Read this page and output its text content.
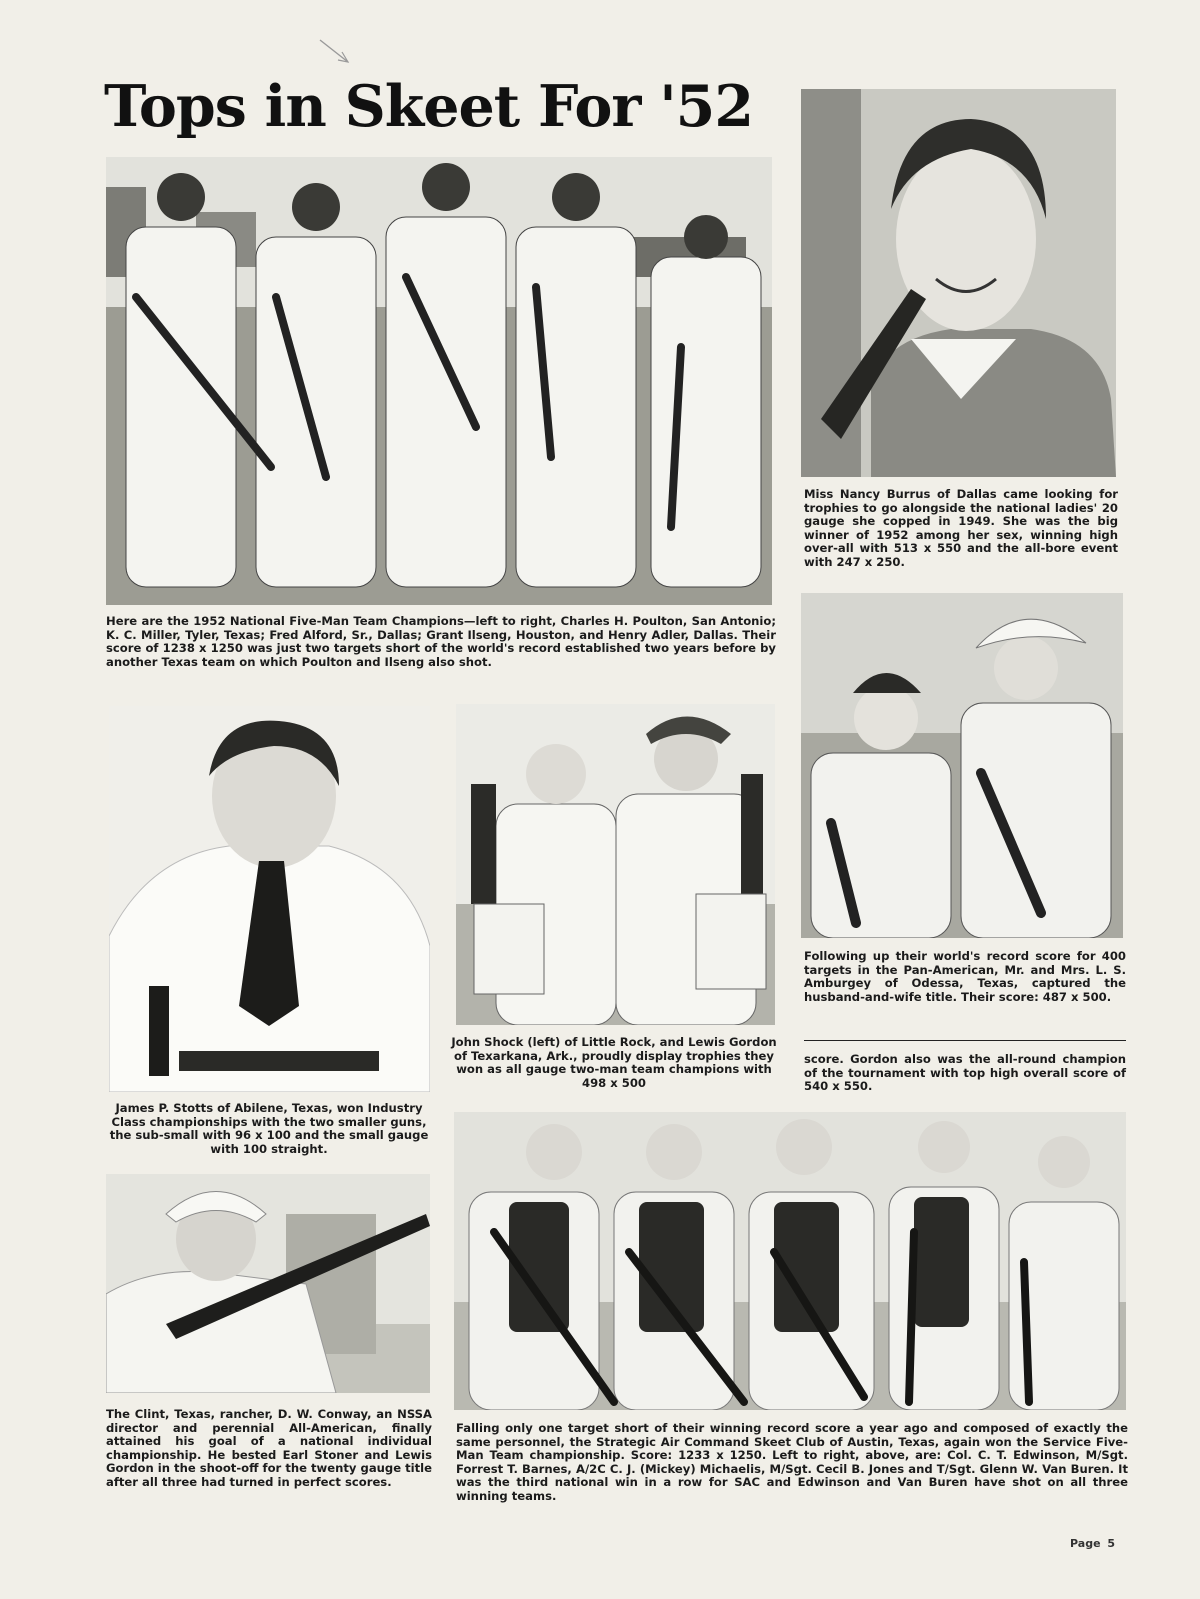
Tops in Skeet For '52

Here are the 1952 National Five-Man Team Champions—left to right, Charles H. Poulton, San Antonio; K. C. Miller, Tyler, Texas; Fred Alford, Sr., Dallas; Grant Ilseng, Houston, and Henry Adler, Dallas. Their score of 1238 x 1250 was just two targets short of the world's record established two years before by another Texas team on which Poulton and Ilseng also shot.

Miss Nancy Burrus of Dallas came looking for trophies to go alongside the national ladies' 20 gauge she copped in 1949. She was the big winner of 1952 among her sex, winning high over-all with 513 x 550 and the all-bore event with 247 x 250.

Following up their world's record score for 400 targets in the Pan-American, Mr. and Mrs. L. S. Amburgey of Odessa, Texas, captured the husband-and-wife title. Their score: 487 x 500.

James P. Stotts of Abilene, Texas, won Industry Class championships with the two smaller guns, the sub-small with 96 x 100 and the small gauge with 100 straight.

John Shock (left) of Little Rock, and Lewis Gordon of Texarkana, Ark., proudly display trophies they won as all gauge two-man team champions with 498 x 500

score. Gordon also was the all-round champion of the tournament with top high overall score of 540 x 550.

The Clint, Texas, rancher, D. W. Conway, an NSSA director and perennial All-American, finally attained his goal of a national individual championship. He bested Earl Stoner and Lewis Gordon in the shoot-off for the twenty gauge title after all three had turned in perfect scores.

Falling only one target short of their winning record score a year ago and composed of exactly the same personnel, the Strategic Air Command Skeet Club of Austin, Texas, again won the Service Five-Man Team championship. Score: 1233 x 1250. Left to right, above, are: Col. C. T. Edwinson, M/Sgt. Forrest T. Barnes, A/2C C. J. (Mickey) Michaelis, M/Sgt. Cecil B. Jones and T/Sgt. Glenn W. Van Buren. It was the third national win in a row for SAC and Edwinson and Van Buren have shot on all three winning teams.

Page 5
